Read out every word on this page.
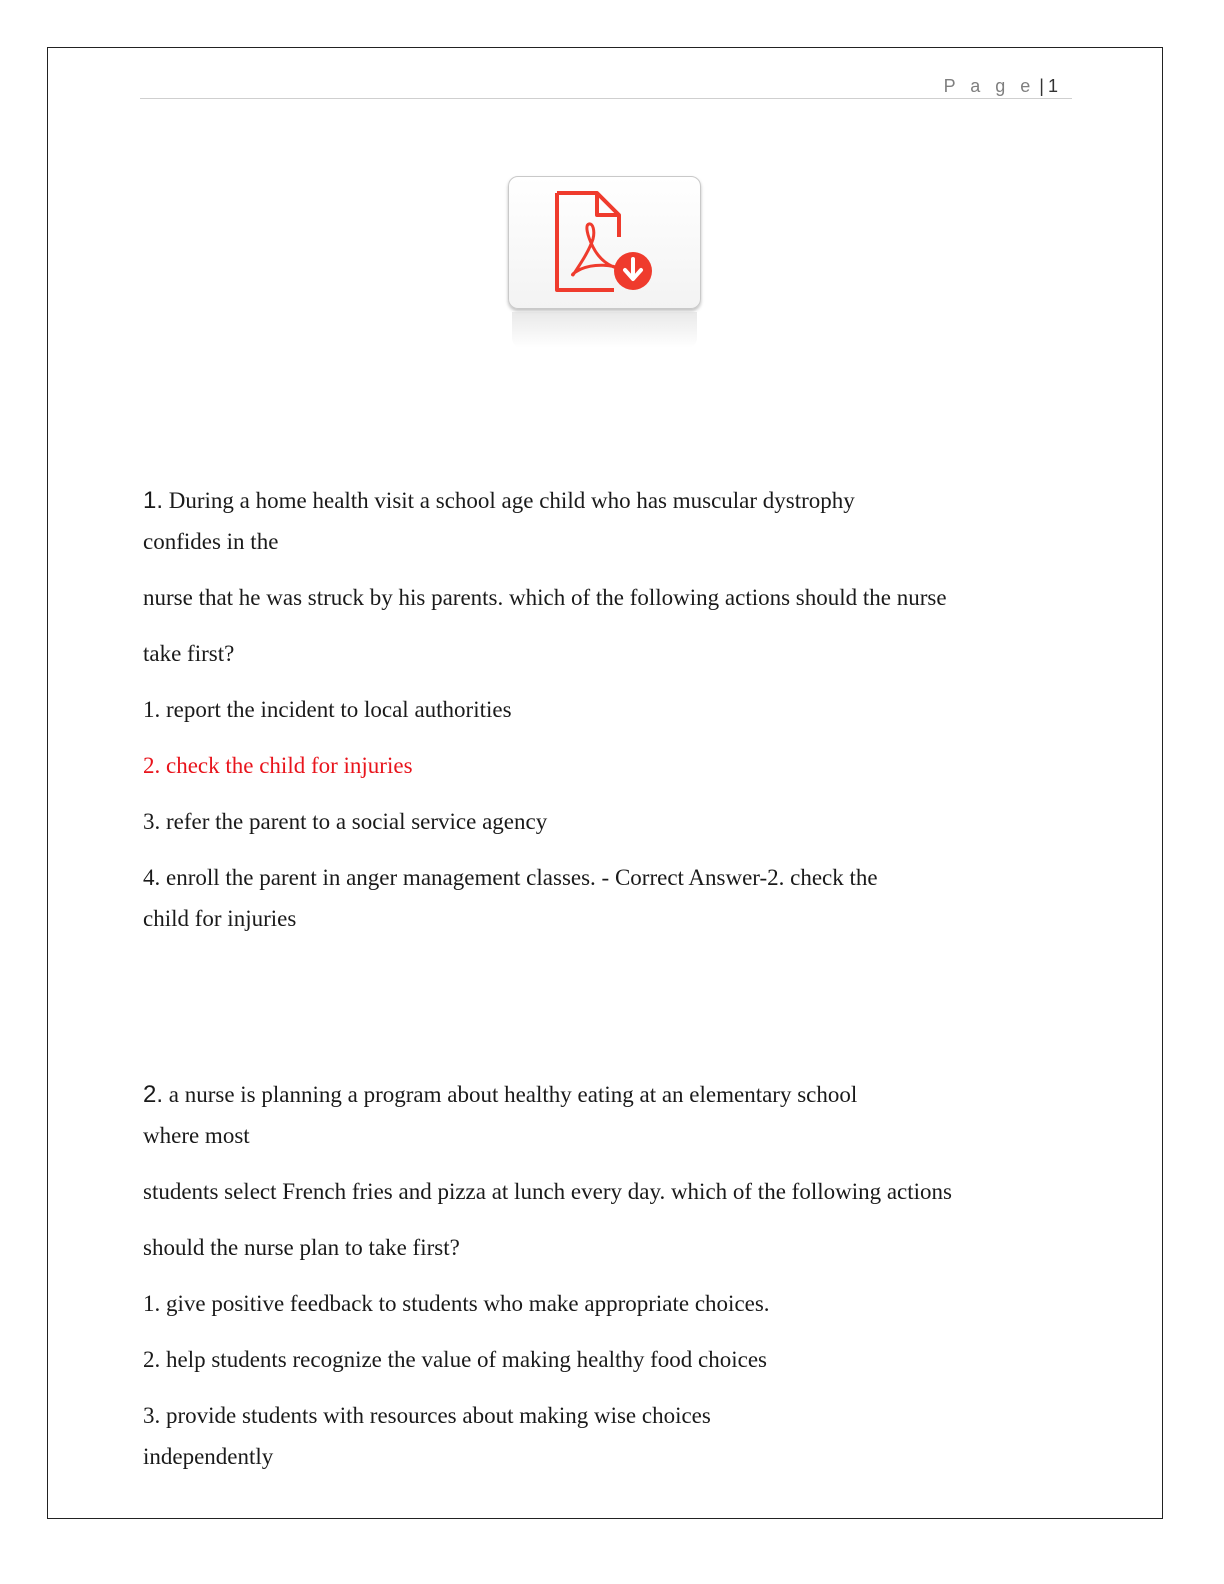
P a g e | 1
1. During a home health visit a school age child who has muscular dystrophy
confides in the
nurse that he was struck by his parents. which of the following actions should the nurse
take first?
1. report the incident to local authorities
2. check the child for injuries
3. refer the parent to a social service agency
4. enroll the parent in anger management classes. - Correct Answer-2. check the
child for injuries
2. a nurse is planning a program about healthy eating at an elementary school
where most
students select French fries and pizza at lunch every day. which of the following actions
should the nurse plan to take first?
1. give positive feedback to students who make appropriate choices.
2. help students recognize the value of making healthy food choices
3. provide students with resources about making wise choices
independently
